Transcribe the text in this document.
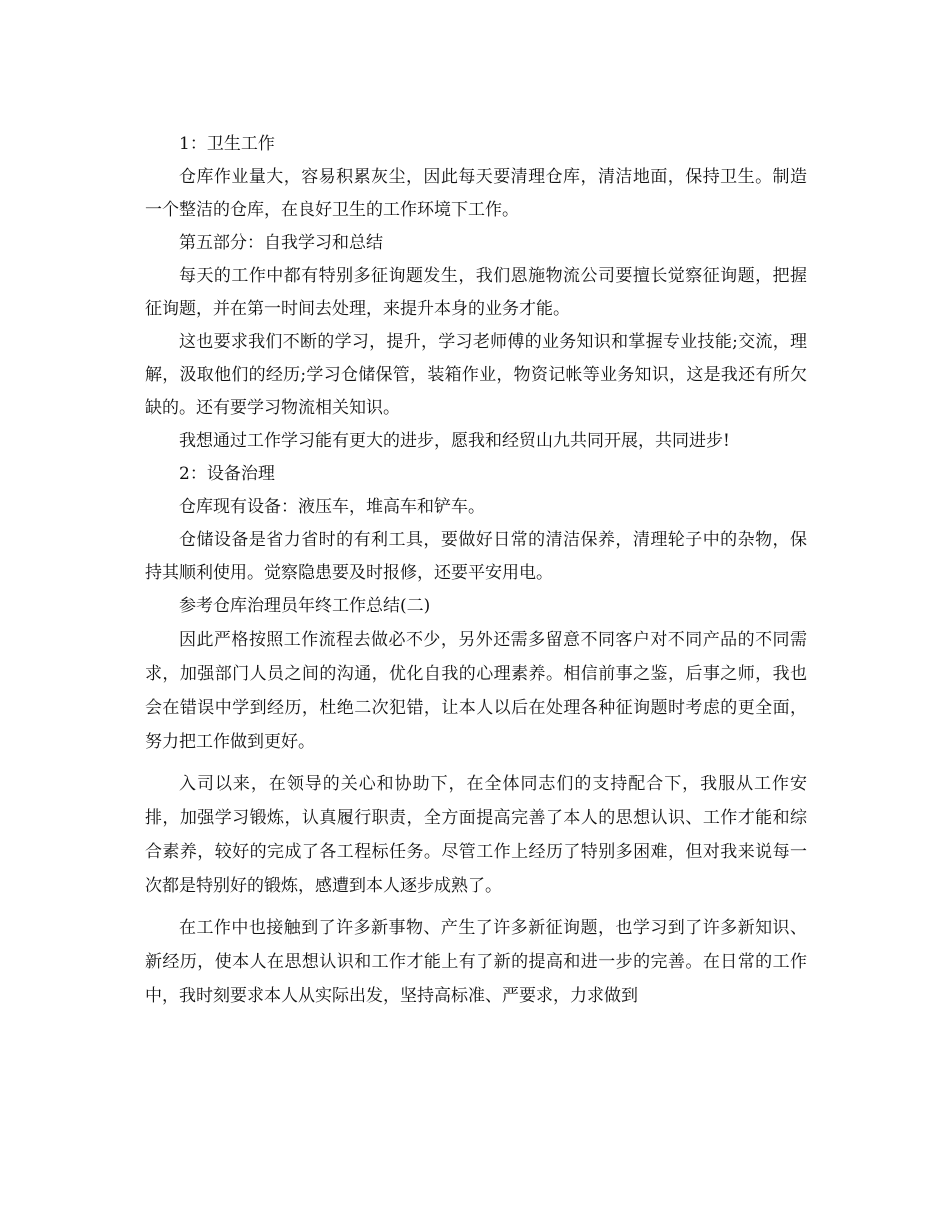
1：卫生工作
仓库作业量大，容易积累灰尘，因此每天要清理仓库，清洁地面，保持卫生。制造一个整洁的仓库，在良好卫生的工作环境下工作。
第五部分：自我学习和总结
每天的工作中都有特别多征询题发生，我们恩施物流公司要擅长觉察征询题，把握征询题，并在第一时间去处理，来提升本身的业务才能。
这也要求我们不断的学习，提升，学习老师傅的业务知识和掌握专业技能;交流，理解，汲取他们的经历;学习仓储保管，装箱作业，物资记帐等业务知识，这是我还有所欠缺的。还有要学习物流相关知识。
我想通过工作学习能有更大的进步，愿我和经贸山九共同开展，共同进步!
2：设备治理
仓库现有设备：液压车，堆高车和铲车。
仓储设备是省力省时的有利工具，要做好日常的清洁保养，清理轮子中的杂物，保持其顺利使用。觉察隐患要及时报修，还要平安用电。
参考仓库治理员年终工作总结(二)
因此严格按照工作流程去做必不少，另外还需多留意不同客户对不同产品的不同需求，加强部门人员之间的沟通，优化自我的心理素养。相信前事之鉴，后事之师，我也会在错误中学到经历，杜绝二次犯错，让本人以后在处理各种征询题时考虑的更全面，努力把工作做到更好。
入司以来，在领导的关心和协助下，在全体同志们的支持配合下，我服从工作安排，加强学习锻炼，认真履行职责，全方面提高完善了本人的思想认识、工作才能和综合素养，较好的完成了各工程标任务。尽管工作上经历了特别多困难，但对我来说每一次都是特别好的锻炼，感遭到本人逐步成熟了。
在工作中也接触到了许多新事物、产生了许多新征询题，也学习到了许多新知识、新经历，使本人在思想认识和工作才能上有了新的提高和进一步的完善。在日常的工作中，我时刻要求本人从实际出发，坚持高标准、严要求，力求做到
